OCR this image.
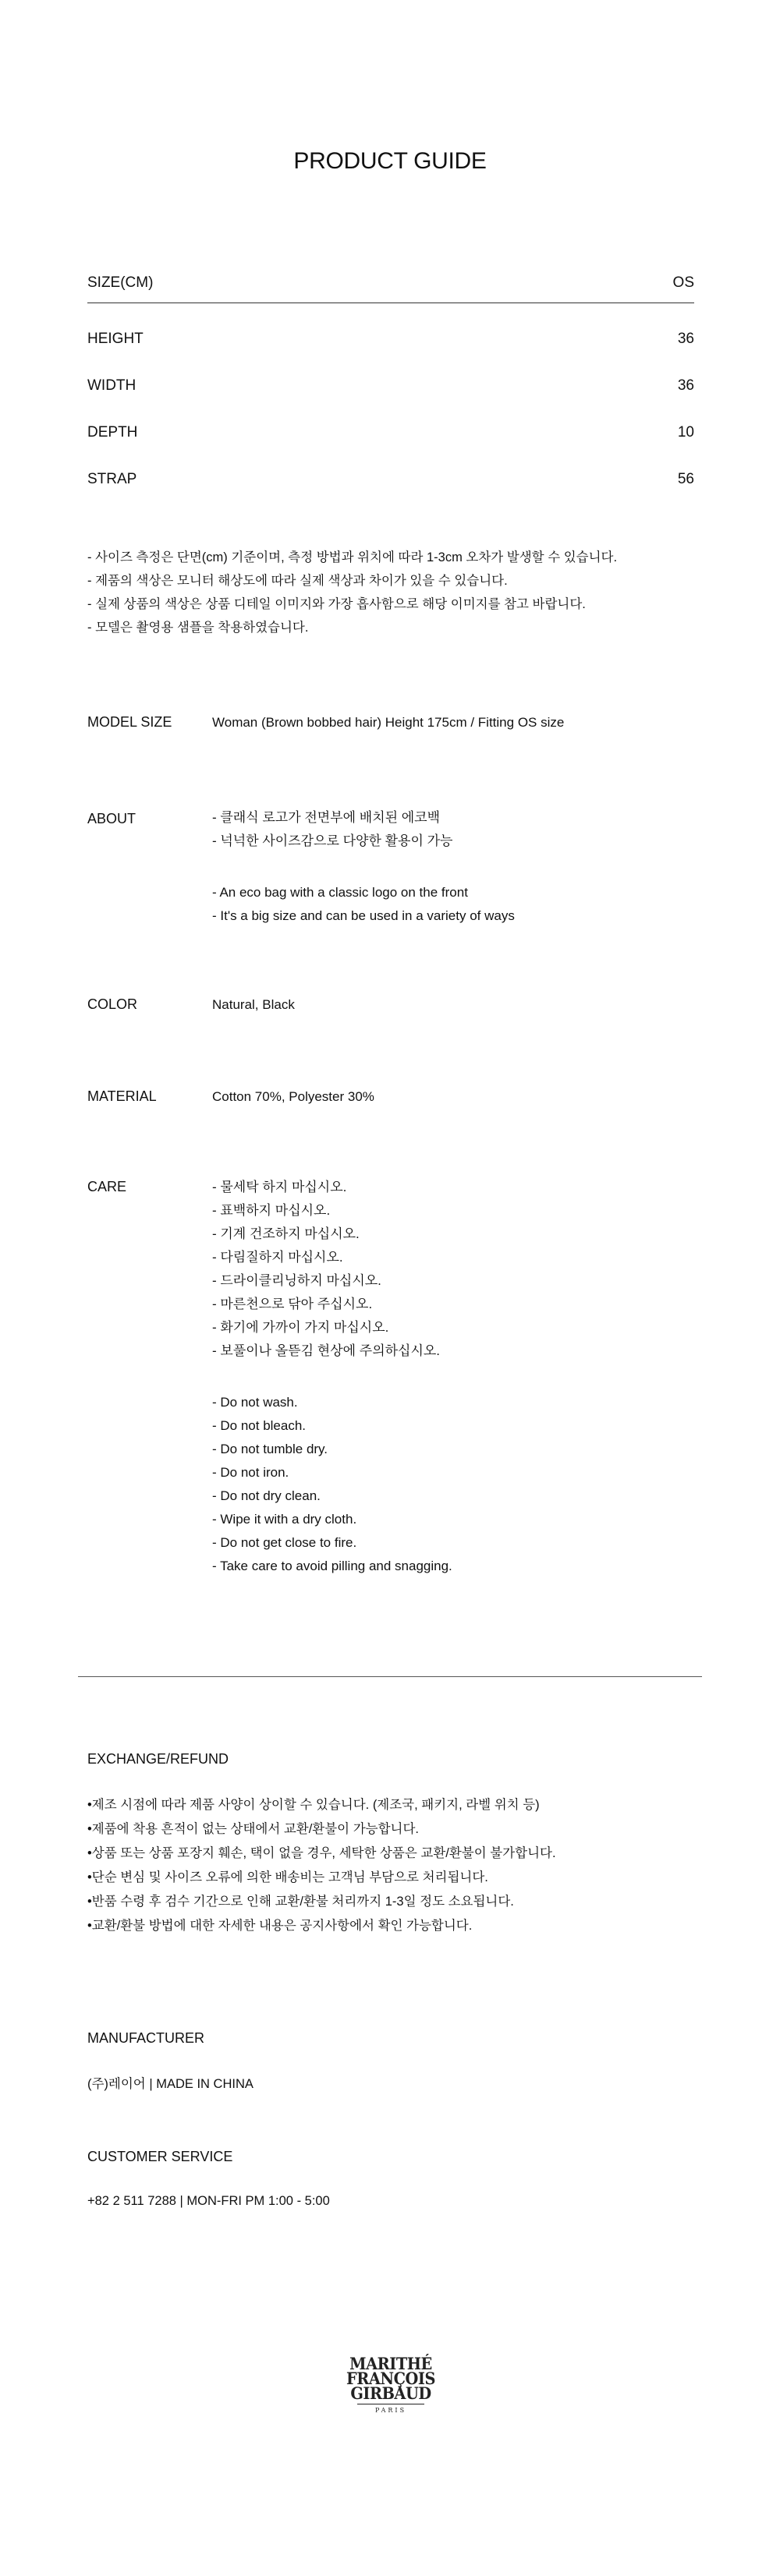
PRODUCT GUIDE
SIZE(CM)	OS
HEIGHT	36
WIDTH	36
DEPTH	10
STRAP	56
- 사이즈 측정은 단면(cm) 기준이며, 측정 방법과 위치에 따라 1-3cm 오차가 발생할 수 있습니다.
- 제품의 색상은 모니터 해상도에 따라 실제 색상과 차이가 있을 수 있습니다.
- 실제 상품의 색상은 상품 디테일 이미지와 가장 흡사함으로 해당 이미지를 참고 바랍니다.
- 모델은 촬영용 샘플을 착용하였습니다.
MODEL SIZE	Woman (Brown bobbed hair) Height 175cm / Fitting OS size
ABOUT	- 클래식 로고가 전면부에 배치된 에코백
- 넉넉한 사이즈감으로 다양한 활용이 가능
- An eco bag with a classic logo on the front
- It's a big size and can be used in a variety of ways
COLOR	Natural, Black
MATERIAL	Cotton 70%, Polyester 30%
CARE	- 물세탁 하지 마십시오.
- 표백하지 마십시오.
- 기계 건조하지 마십시오.
- 다림질하지 마십시오.
- 드라이클리닝하지 마십시오.
- 마른천으로 닦아 주십시오.
- 화기에 가까이 가지 마십시오.
- 보풀이나 올뜯김 현상에 주의하십시오.
- Do not wash.
- Do not bleach.
- Do not tumble dry.
- Do not iron.
- Do not dry clean.
- Wipe it with a dry cloth.
- Do not get close to fire.
- Take care to avoid pilling and snagging.
EXCHANGE/REFUND
•제조 시점에 따라 제품 사양이 상이할 수 있습니다. (제조국, 패키지, 라벨 위치 등)
•제품에 착용 흔적이 없는 상태에서 교환/환불이 가능합니다.
•상품 또는 상품 포장지 훼손, 택이 없을 경우, 세탁한 상품은 교환/환불이 불가합니다.
•단순 변심 및 사이즈 오류에 의한 배송비는 고객님 부담으로 처리됩니다.
•반품 수령 후 검수 기간으로 인해 교환/환불 처리까지 1-3일 정도 소요됩니다.
•교환/환불 방법에 대한 자세한 내용은 공지사항에서 확인 가능합니다.
MANUFACTURER
(주)레이어 | MADE IN CHINA
CUSTOMER SERVICE
+82 2 511 7288 | MON-FRI PM 1:00 - 5:00
MARITHÉ
FRANÇOIS
GIRBAUD
PARIS
